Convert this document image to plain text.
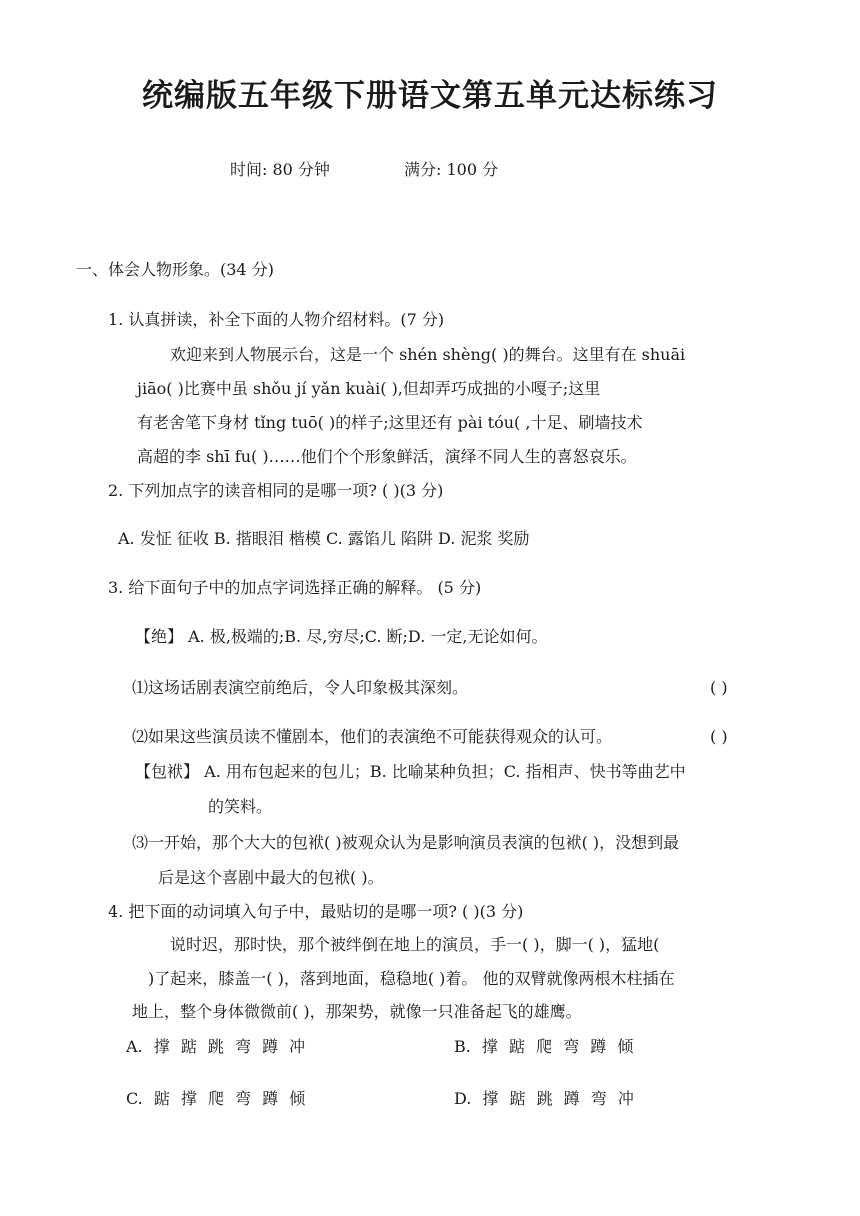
统编版五年级下册语文第五单元达标练习
时间: 80 分钟	满分: 100 分
一、体会人物形象。(34 分)
1. 认真拼读，补全下面的人物介绍材料。(7 分)
欢迎来到人物展示台，这是一个 shén shèng( )的舞台。这里有在 shuāi
jiāo( )比赛中虽 shǒu jí yǎn kuài( ),但却弄巧成拙的小嘎子;这里
有老舍笔下身材 tǐng tuō( )的样子;这里还有 pài tóu( ,十足、刷墙技术
高超的李 shī fu( )……他们个个形象鲜活，演绎不同人生的喜怒哀乐。
2. 下列加点字的读音相同的是哪一项? ( )(3 分)
A. 发怔 征收 B. 揩眼泪 楷模 C. 露馅儿 陷阱 D. 泥浆 奖励
3. 给下面句子中的加点字词选择正确的解释。 (5 分)
【绝】 A. 极,极端的;B. 尽,穷尽;C. 断;D. 一定,无论如何。
⑴这场话剧表演空前绝后，令人印象极其深刻。	( )
⑵如果这些演员读不懂剧本，他们的表演绝不可能获得观众的认可。	( )
【包袱】 A. 用布包起来的包儿；B. 比喻某种负担；C. 指相声、快书等曲艺中
的笑料。
⑶一开始，那个大大的包袱( )被观众认为是影响演员表演的包袱( )，没想到最
后是这个喜剧中最大的包袱( )。
4. 把下面的动词填入句子中，最贴切的是哪一项? ( )(3 分)
说时迟，那时快，那个被绊倒在地上的演员，手一( )，脚一( )，猛地(
)了起来，膝盖一( )，落到地面，稳稳地( )着。 他的双臂就像两根木柱插在
地上，整个身体微微前( )，那架势，就像一只准备起飞的雄鹰。
A. 撑 踮 跳 弯 蹲 冲	B. 撑 踮 爬 弯 蹲 倾
C. 踮 撑 爬 弯 蹲 倾	D. 撑 踮 跳 蹲 弯 冲
